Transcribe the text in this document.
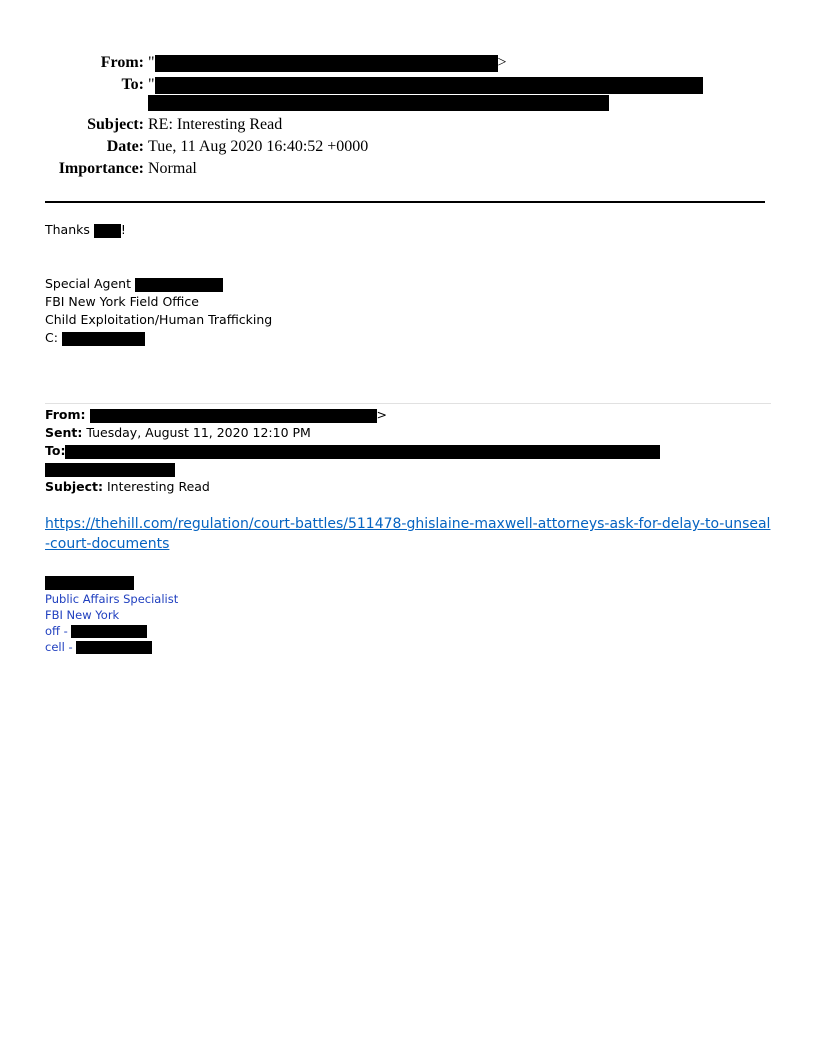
From: "	>
To: "
Subject: RE: Interesting Read
Date: Tue, 11 Aug 2020 16:40:52 +0000
Importance: Normal
Thanks !
Special Agent
FBI New York Field Office
Child Exploitation/Human Trafficking
C:
From:	>
Sent: Tuesday, August 11, 2020 12:10 PM
To:
Subject: Interesting Read
https://thehill.com/regulation/court-battles/511478-ghislaine-maxwell-attorneys-ask-for-delay-to-unseal-court-documents
Public Affairs Specialist
FBI New York
off -
cell -
